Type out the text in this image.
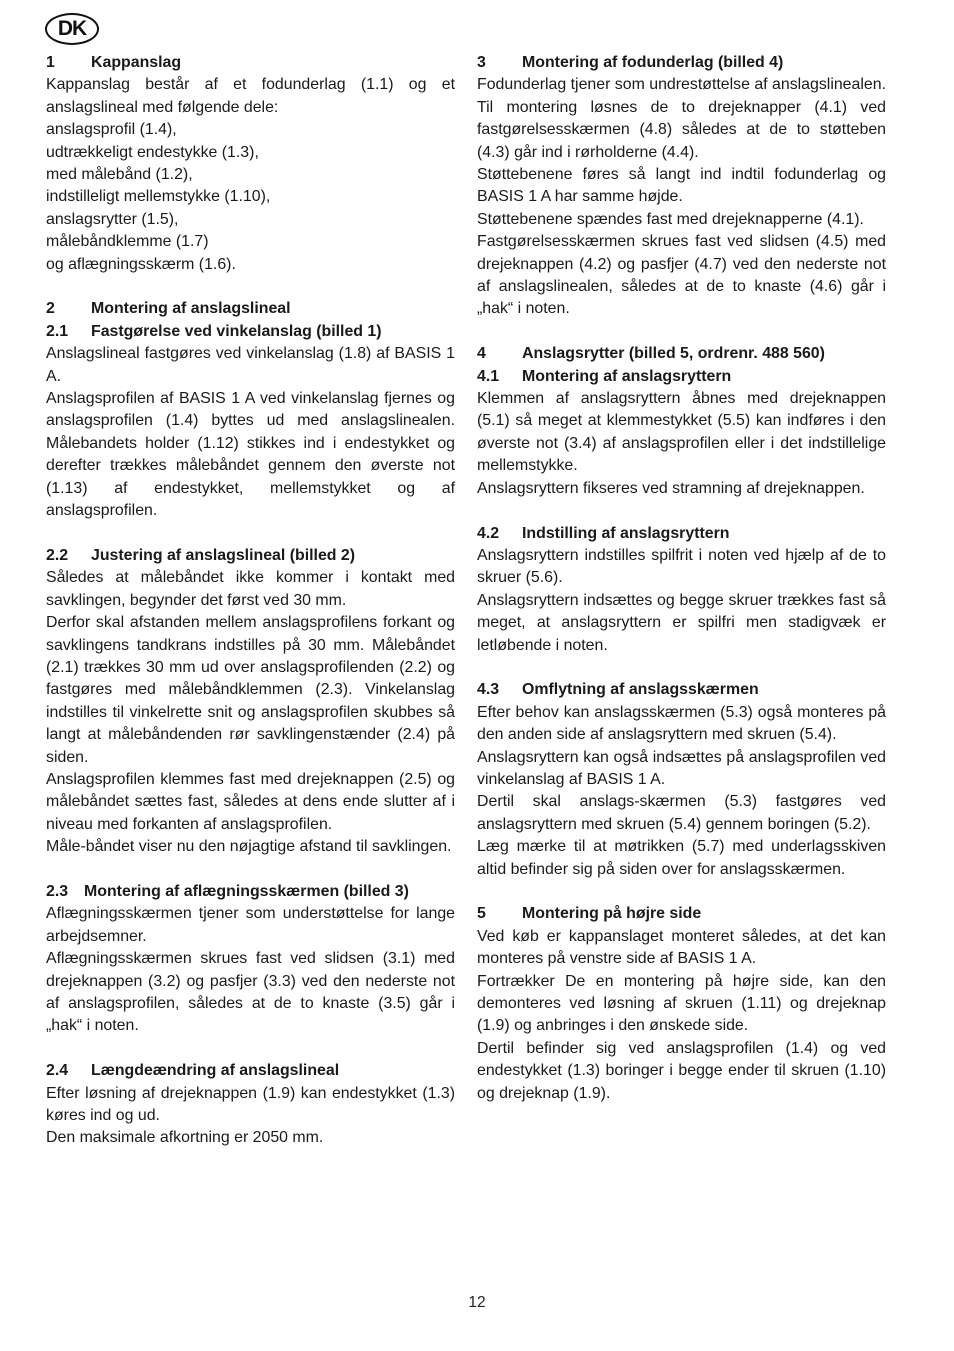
DK
1	Kappanslag

Kappanslag består af et fodunderlag (1.1) og et anslagslineal med følgende dele:

anslagsprofil (1.4),

udtrækkeligt endestykke (1.3),

med målebånd (1.2),

indstilleligt mellemstykke (1.10),

anslagsrytter (1.5),

målebåndklemme (1.7)

og aflægningsskærm (1.6).

2	Montering af anslagslineal
2.1	Fastgørelse ved vinkelanslag (billed 1)

Anslagslineal fastgøres ved vinkelanslag (1.8) af BASIS 1 A.

Anslagsprofilen af BASIS 1 A ved vinkelanslag fjernes og anslagsprofilen (1.4) byttes ud med anslagslinealen. Målebandets holder (1.12) stikkes ind i endestykket og derefter trækkes målebåndet gennem den øverste not (1.13) af endestykket, mellemstykket og af anslagsprofilen.

2.2	Justering af anslagslineal (billed 2)

Således at målebåndet ikke kommer i kontakt med savklingen, begynder det først ved 30 mm.

Derfor skal afstanden mellem anslagsprofilens forkant og savklingens tandkrans indstilles på 30 mm. Målebåndet (2.1) trækkes 30 mm ud over anslagsprofilenden (2.2) og fastgøres med målebåndklemmen (2.3). Vinkelanslag indstilles til vinkelrette snit og anslagsprofilen skubbes så langt at målebåndenden rør savklingenstænder (2.4) på siden.

Anslagsprofilen klemmes fast med drejeknappen (2.5) og målebåndet sættes fast, således at dens ende slutter af i niveau med forkanten af anslagsprofilen.

Måle-båndet viser nu den nøjagtige afstand til savklingen.

2.3	Montering af aflægningsskærmen (billed 3)

Aflægningsskærmen tjener som understøttelse for lange arbejdsemner.

Aflægningsskærmen skrues fast ved slidsen (3.1) med drejeknappen (3.2) og pasfjer (3.3) ved den nederste not af anslagsprofilen, således at de to knaste (3.5) går i „hak“ i noten.

2.4	Længdeændring af anslagslineal

Efter løsning af drejeknappen (1.9) kan endestykket (1.3) køres ind og ud.

Den maksimale afkortning er 2050 mm.

3	Montering af fodunderlag (billed 4)

Fodunderlag tjener som undrestøttelse af anslagslinealen.

Til montering løsnes de to drejeknapper (4.1) ved fastgørelsesskærmen (4.8) således at de to støtteben (4.3) går ind i rørholderne (4.4).

Støttebenene føres så langt ind indtil fodunderlag og BASIS 1 A har samme højde.

Støttebenene spændes fast med drejeknapperne (4.1).

Fastgørelsesskærmen skrues fast ved slidsen (4.5) med drejeknappen (4.2) og pasfjer (4.7) ved den nederste not af anslagslinealen, således at de to knaste (4.6) går i „hak“ i noten.

4	Anslagsrytter (billed 5, ordrenr. 488 560)
4.1	Montering af anslagsryttern

Klemmen af anslagsryttern åbnes med drejeknappen (5.1) så meget at klemmestykket (5.5) kan indføres i den øverste not (3.4) af anslagsprofilen eller i det indstillelige mellemstykke.

Anslagsryttern fikseres ved stramning af drejeknappen.

4.2	Indstilling af anslagsryttern

Anslagsryttern indstilles spilfrit i noten ved hjælp af de to skruer (5.6).

Anslagsryttern indsættes og begge skruer trækkes fast så meget, at anslagsryttern er spilfri men stadigvæk er letløbende i noten.

4.3	Omflytning af anslagsskærmen

Efter behov kan anslagsskærmen (5.3) også monteres på den anden side af anslagsryttern med skruen (5.4).

Anslagsryttern kan også indsættes på anslagsprofilen ved vinkelanslag af BASIS 1 A.

Dertil skal anslags-skærmen (5.3) fastgøres ved anslagsryttern med skruen (5.4) gennem boringen (5.2).

Læg mærke til at møtrikken (5.7) med underlagsskiven altid befinder sig på siden over for anslagsskærmen.

5	Montering på højre side

Ved køb er kappanslaget monteret således, at det kan monteres på venstre side af BASIS 1 A.

Fortrækker De en montering på højre side, kan den demonteres ved løsning af skruen (1.11) og drejeknap (1.9) og anbringes i den ønskede side.

Dertil befinder sig ved anslagsprofilen (1.4) og ved endestykket (1.3) boringer i begge ender til skruen (1.10) og drejeknap (1.9).

12
